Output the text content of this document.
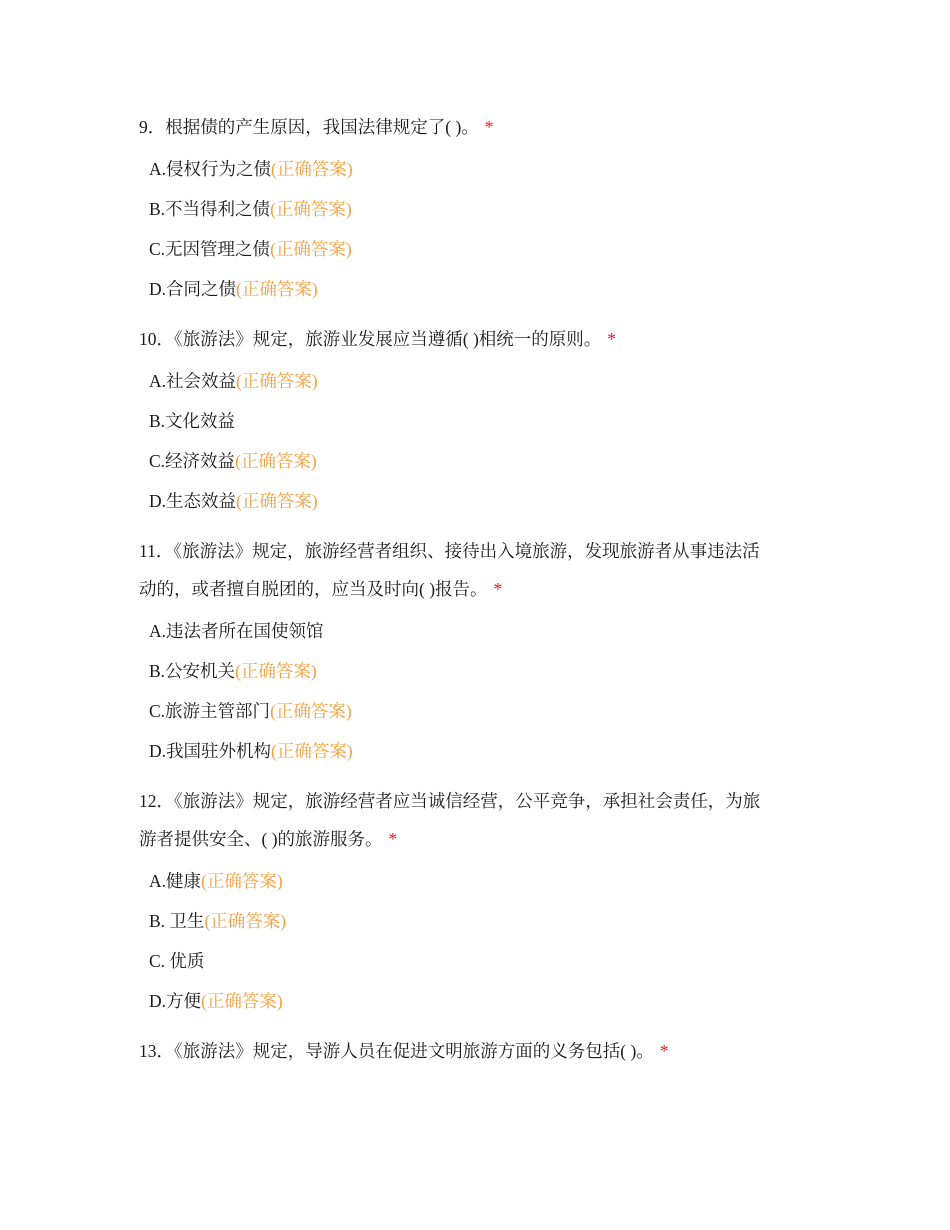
9．根据债的产生原因，我国法律规定了( )。 *
A.侵权行为之债(正确答案)
B.不当得利之债(正确答案)
C.无因管理之债(正确答案)
D.合同之债(正确答案)
10．《旅游法》规定，旅游业发展应当遵循( )相统一的原则。 *
A.社会效益(正确答案)
B.文化效益
C.经济效益(正确答案)
D.生态效益(正确答案)
11．《旅游法》规定，旅游经营者组织、接待出入境旅游，发现旅游者从事违法活
动的，或者擅自脱团的，应当及时向( )报告。 *
A.违法者所在国使领馆
B.公安机关(正确答案)
C.旅游主管部门(正确答案)
D.我国驻外机构(正确答案)
12．《旅游法》规定，旅游经营者应当诚信经营，公平竞争，承担社会责任，为旅
游者提供安全、( )的旅游服务。 *
A.健康(正确答案)
B. 卫生(正确答案)
C. 优质
D.方便(正确答案)
13．《旅游法》规定，导游人员在促进文明旅游方面的义务包括( )。 *
